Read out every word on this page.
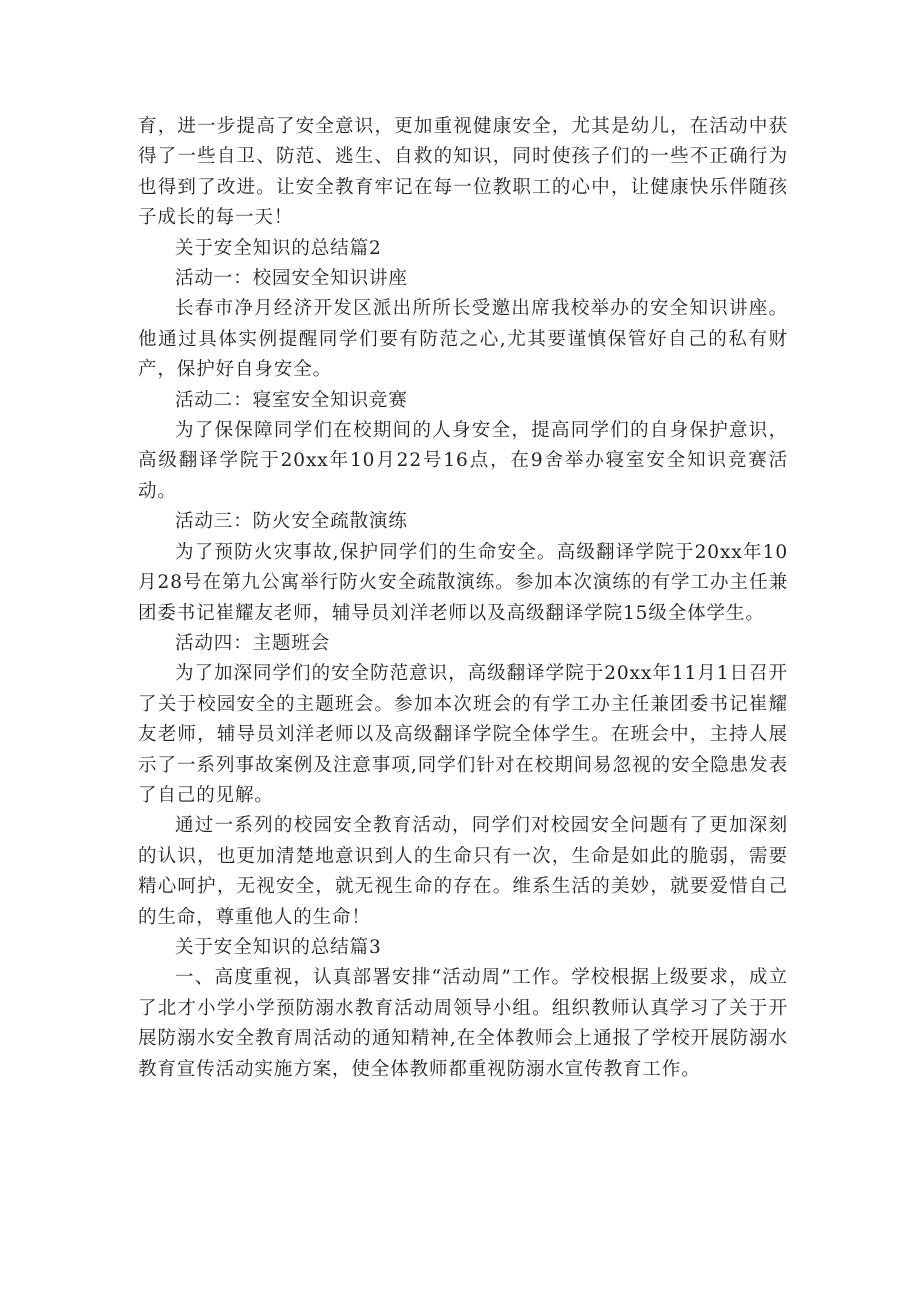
育，进一步提高了安全意识，更加重视健康安全，尤其是幼儿，在活动中获得了一些自卫、防范、逃生、自救的知识，同时使孩子们的一些不正确行为也得到了改进。让安全教育牢记在每一位教职工的心中，让健康快乐伴随孩子成长的每一天！

关于安全知识的总结篇2

活动一：校园安全知识讲座

长春市净月经济开发区派出所所长受邀出席我校举办的安全知识讲座。他通过具体实例提醒同学们要有防范之心,尤其要谨慎保管好自己的私有财产，保护好自身安全。

活动二：寝室安全知识竞赛

为了保保障同学们在校期间的人身安全，提高同学们的自身保护意识，高级翻译学院于20xx年10月22号16点，在9舍举办寝室安全知识竞赛活动。

活动三：防火安全疏散演练

为了预防火灾事故,保护同学们的生命安全。高级翻译学院于20xx年10月28号在第九公寓举行防火安全疏散演练。参加本次演练的有学工办主任兼团委书记崔耀友老师，辅导员刘洋老师以及高级翻译学院15级全体学生。

活动四：主题班会

为了加深同学们的安全防范意识，高级翻译学院于20xx年11月1日召开了关于校园安全的主题班会。参加本次班会的有学工办主任兼团委书记崔耀友老师，辅导员刘洋老师以及高级翻译学院全体学生。在班会中，主持人展示了一系列事故案例及注意事项,同学们针对在校期间易忽视的安全隐患发表了自己的见解。

通过一系列的校园安全教育活动，同学们对校园安全问题有了更加深刻的认识，也更加清楚地意识到人的生命只有一次，生命是如此的脆弱，需要精心呵护，无视安全，就无视生命的存在。维系生活的美妙，就要爱惜自己的生命，尊重他人的生命！

关于安全知识的总结篇3

一、高度重视，认真部署安排“活动周”工作。学校根据上级要求，成立了北才小学小学预防溺水教育活动周领导小组。组织教师认真学习了关于开展防溺水安全教育周活动的通知精神,在全体教师会上通报了学校开展防溺水教育宣传活动实施方案，使全体教师都重视防溺水宣传教育工作。
